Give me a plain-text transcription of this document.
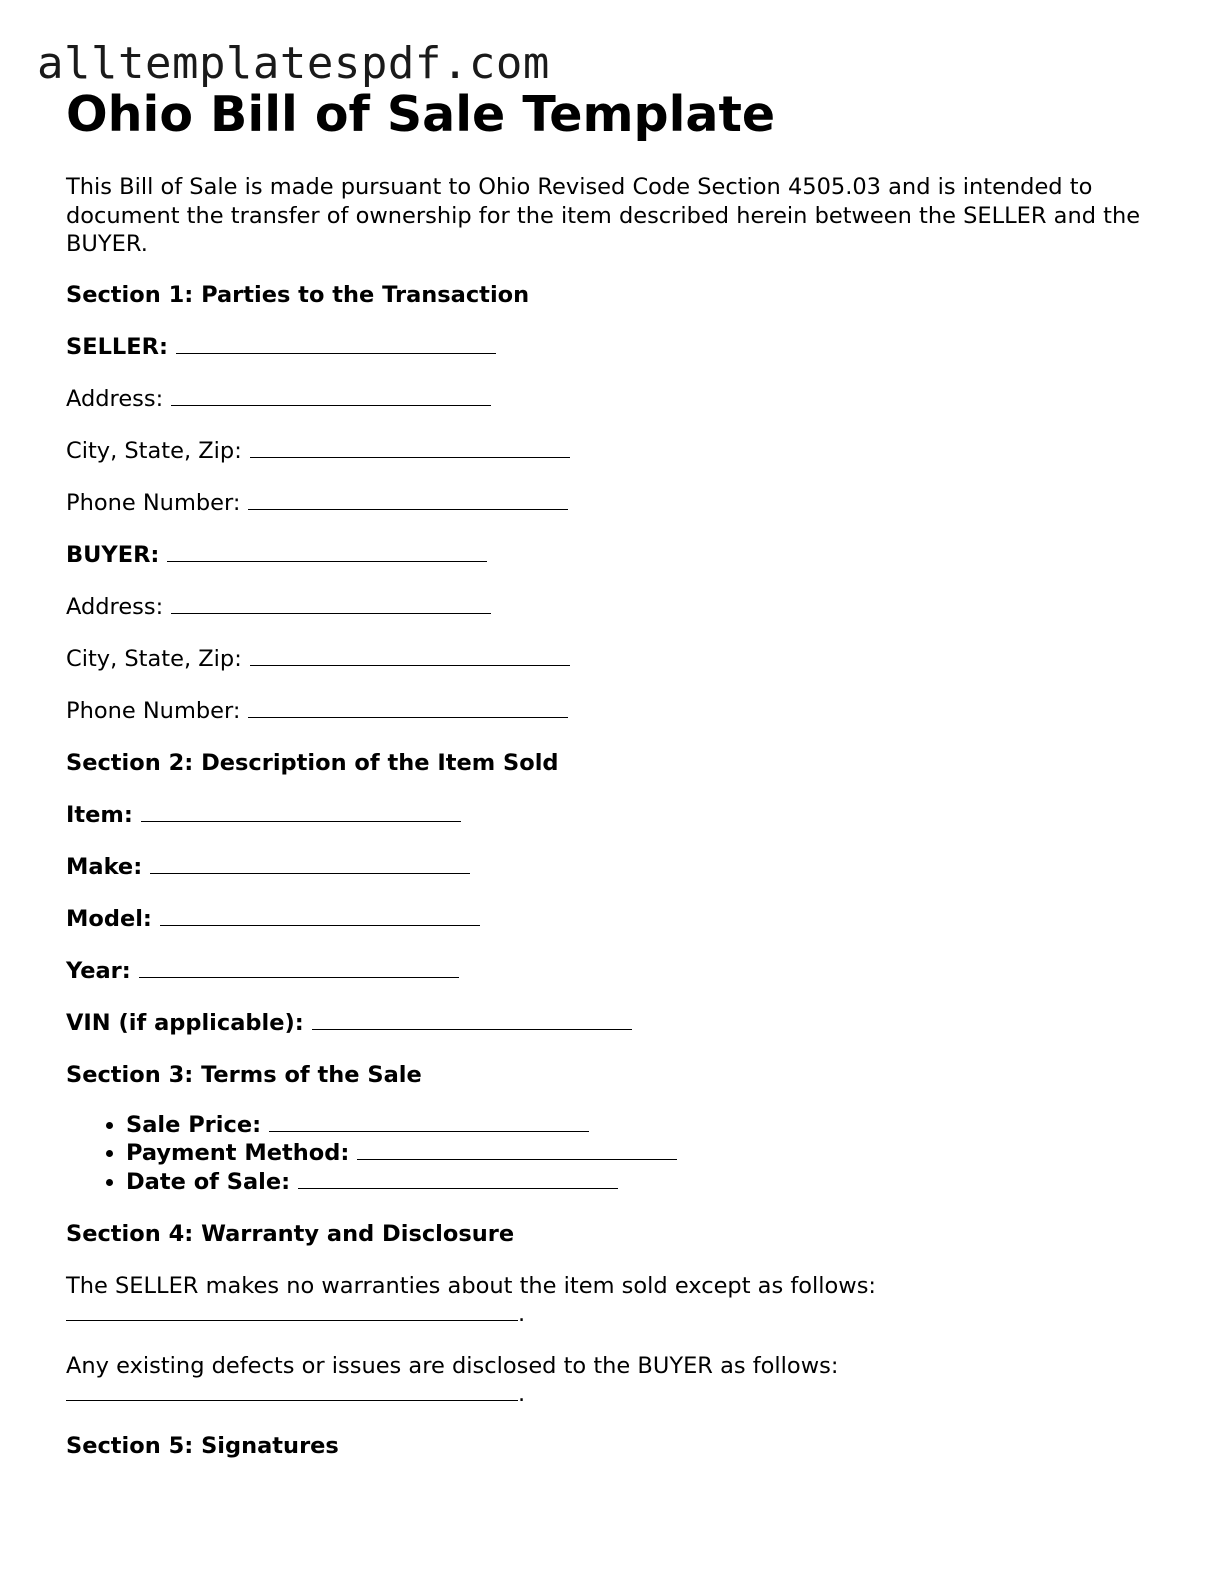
alltemplatespdf.com
Ohio Bill of Sale Template

This Bill of Sale is made pursuant to Ohio Revised Code Section 4505.03 and is intended to document the transfer of ownership for the item described herein between the SELLER and the BUYER.

Section 1: Parties to the Transaction
SELLER:
Address:
City, State, Zip:
Phone Number:
BUYER:
Address:
City, State, Zip:
Phone Number:
Section 2: Description of the Item Sold
Item:
Make:
Model:
Year:
VIN (if applicable):
Section 3: Terms of the Sale
• Sale Price:
• Payment Method:
• Date of Sale:
Section 4: Warranty and Disclosure
The SELLER makes no warranties about the item sold except as follows:
.
Any existing defects or issues are disclosed to the BUYER as follows:
.
Section 5: Signatures
